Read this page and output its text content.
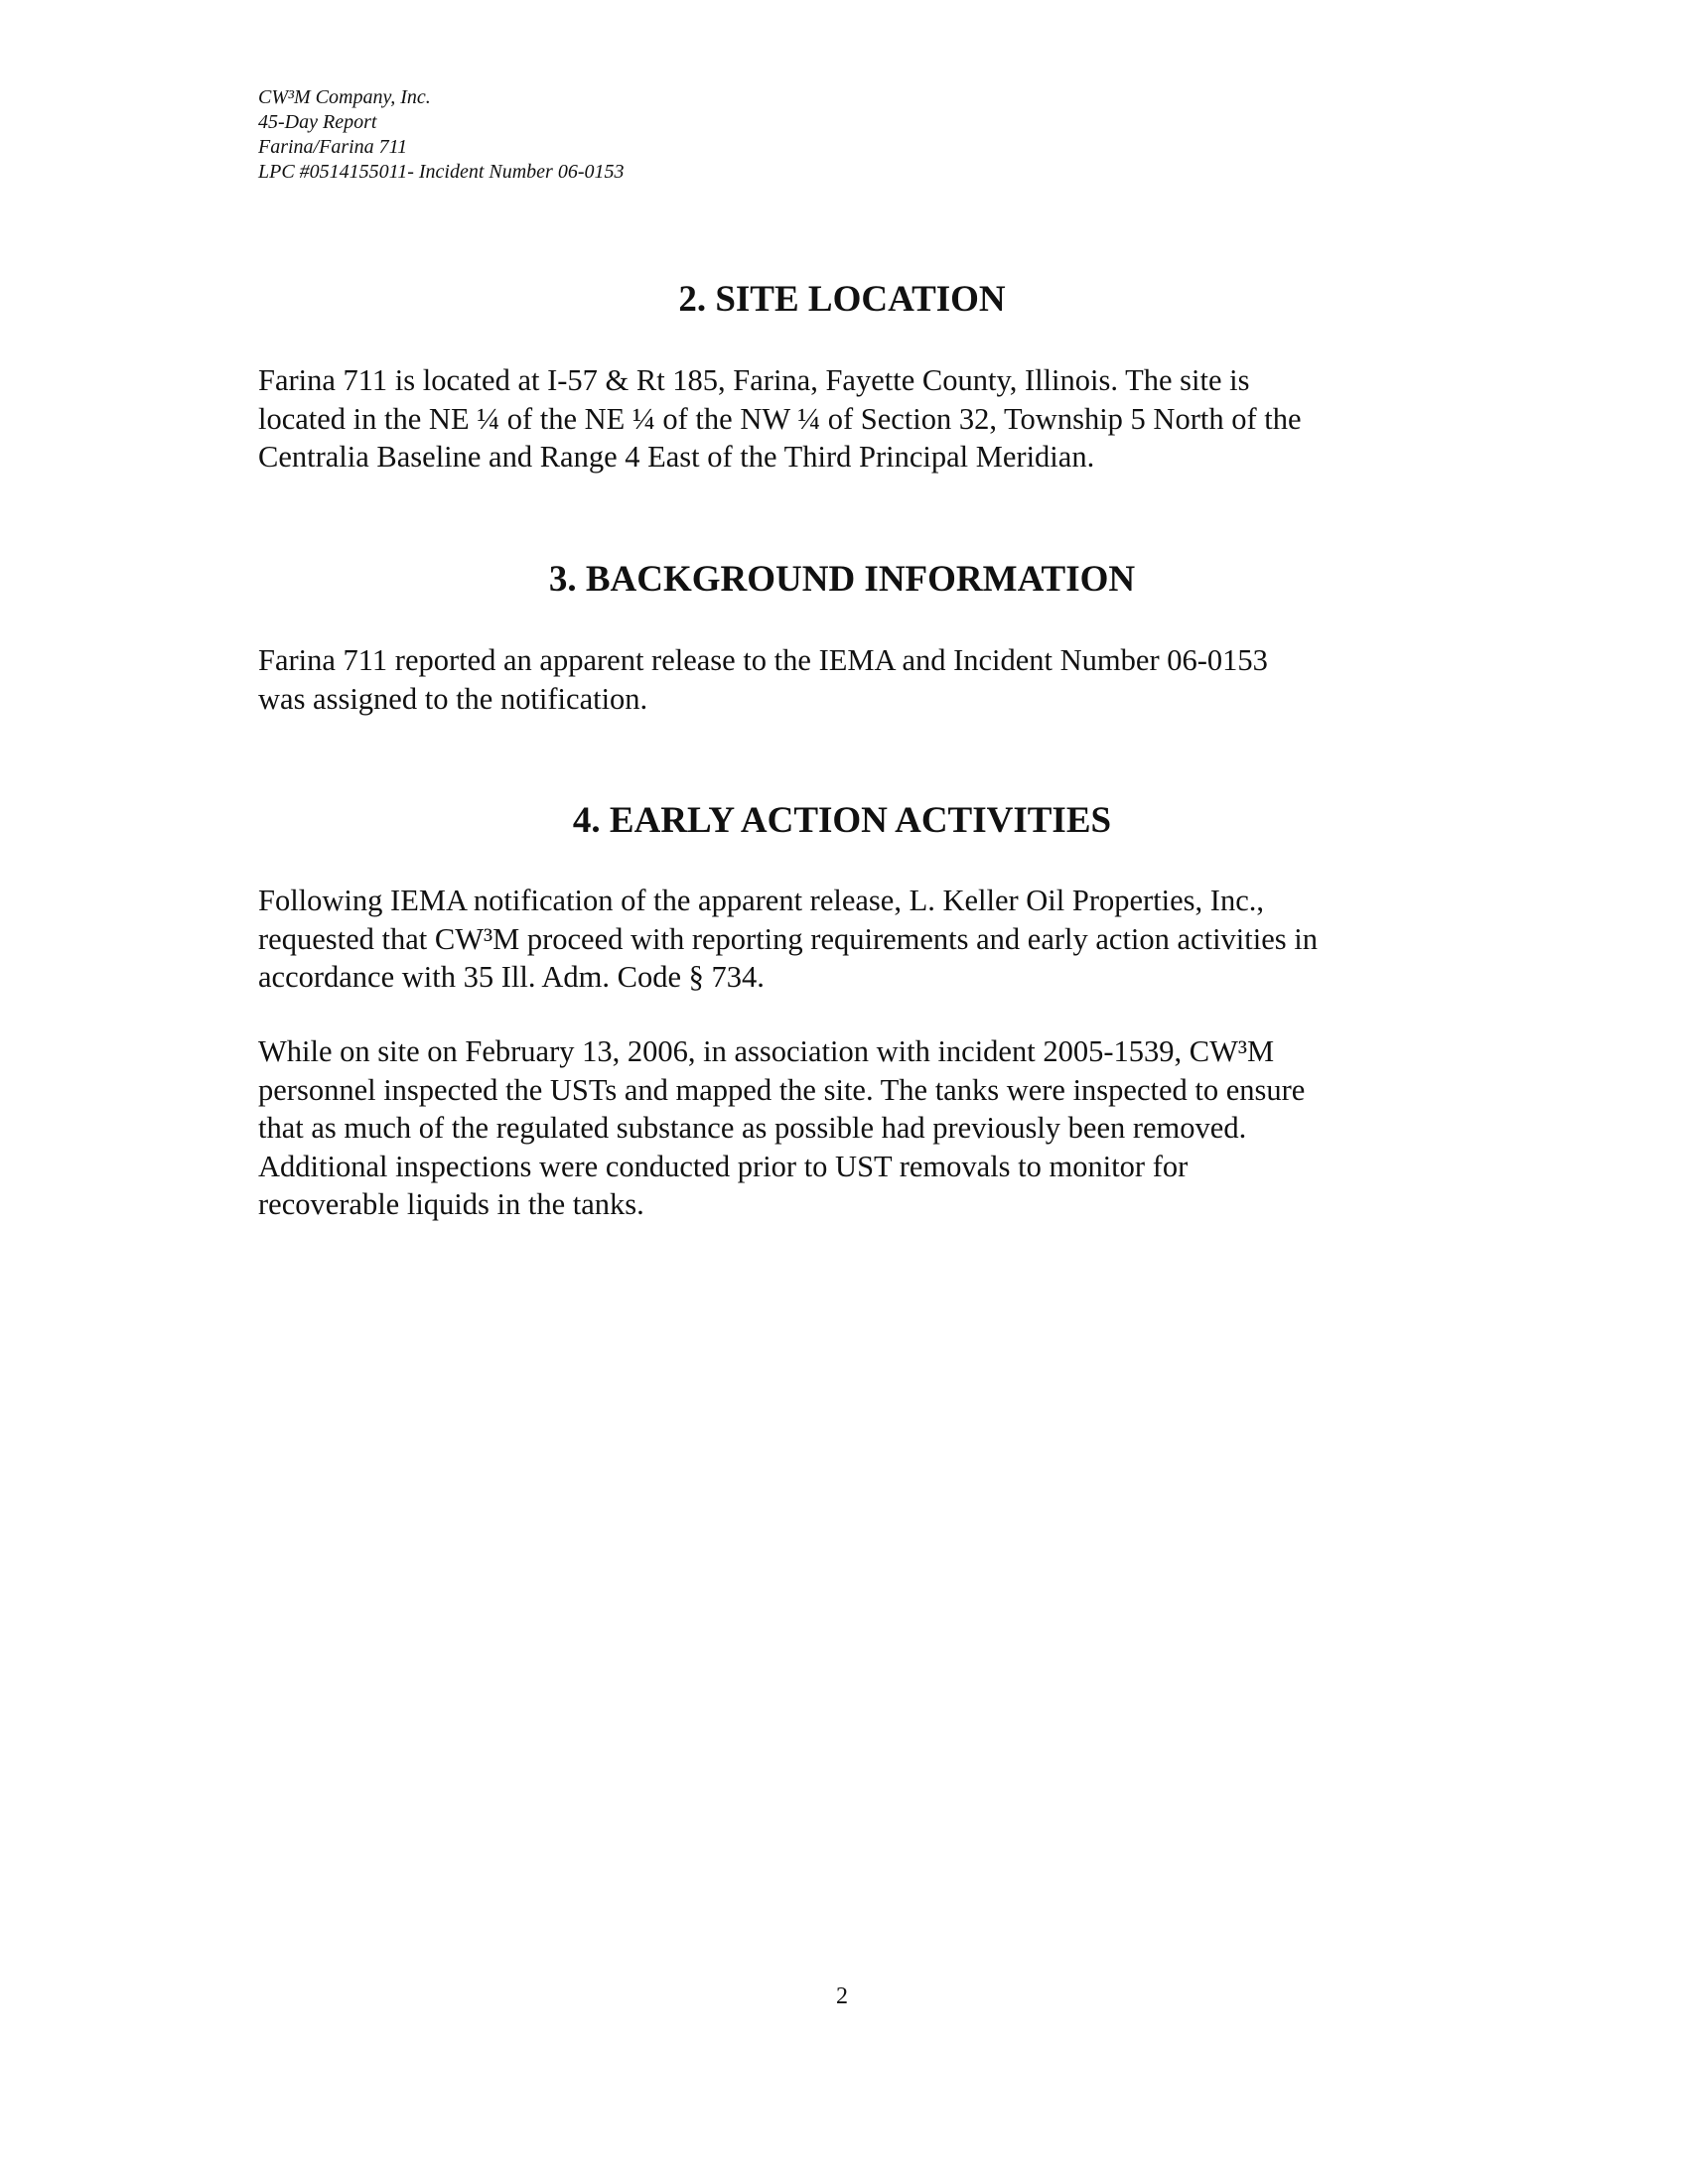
CW³M Company, Inc.
45-Day Report
Farina/Farina 711
LPC #0514155011- Incident Number 06-0153
2. SITE LOCATION
Farina 711 is located at I-57 & Rt 185, Farina, Fayette County, Illinois. The site is
located in the NE ¼ of the NE ¼ of the NW ¼ of Section 32, Township 5 North of the
Centralia Baseline and Range 4 East of the Third Principal Meridian.
3. BACKGROUND INFORMATION
Farina 711 reported an apparent release to the IEMA and Incident Number 06-0153
was assigned to the notification.
4. EARLY ACTION ACTIVITIES
Following IEMA notification of the apparent release, L. Keller Oil Properties, Inc.,
requested that CW³M proceed with reporting requirements and early action activities in
accordance with 35 Ill. Adm. Code § 734.
While on site on February 13, 2006, in association with incident 2005-1539, CW³M
personnel inspected the USTs and mapped the site. The tanks were inspected to ensure
that as much of the regulated substance as possible had previously been removed.
Additional inspections were conducted prior to UST removals to monitor for
recoverable liquids in the tanks.
2
